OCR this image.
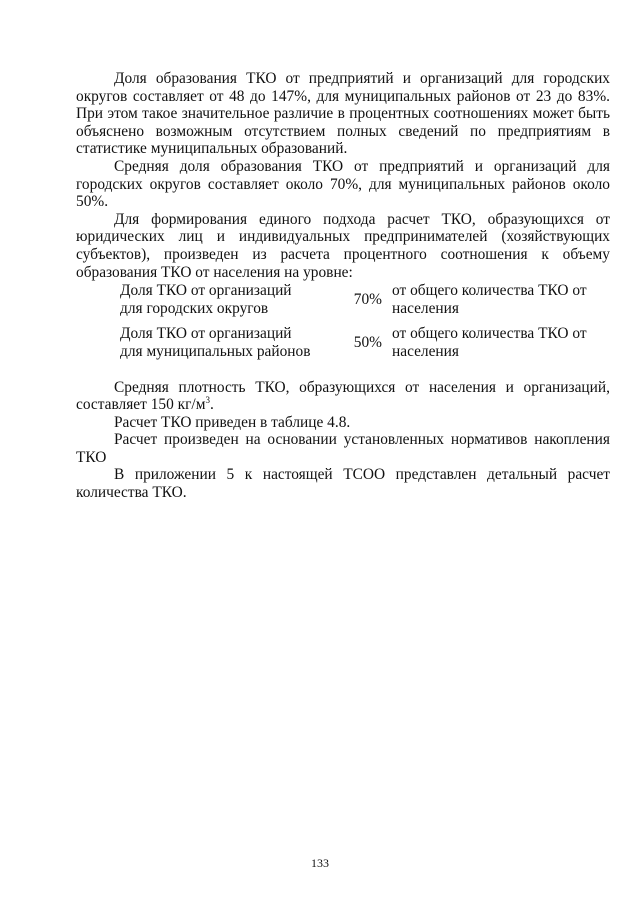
Доля образования ТКО от предприятий и организаций для городских округов составляет от 48 до 147%, для муниципальных районов от 23 до 83%. При этом такое значительное различие в процентных соотношениях может быть объяснено возможным отсутствием полных сведений по предприятиям в статистике муниципальных образований.

Средняя доля образования ТКО от предприятий и организаций для городских округов составляет около 70%, для муниципальных районов около 50%.

Для формирования единого подхода расчет ТКО, образующихся от юридических лиц и индивидуальных предпринимателей (хозяйствующих субъектов), произведен из расчета процентного соотношения к объему образования ТКО от населения на уровне:

Доля ТКО от организаций для городских округов	70%	от общего количества ТКО от населения
Доля ТКО от организаций для муниципальных районов	50%	от общего количества ТКО от населения

Средняя плотность ТКО, образующихся от населения и организаций, составляет 150 $кг/м^3$.

Расчет ТКО приведен в таблице 4.8.

Расчет произведен на основании установленных нормативов накопления ТКО

В приложении 5 к настоящей ТСОО представлен детальный расчет количества ТКО.

133
